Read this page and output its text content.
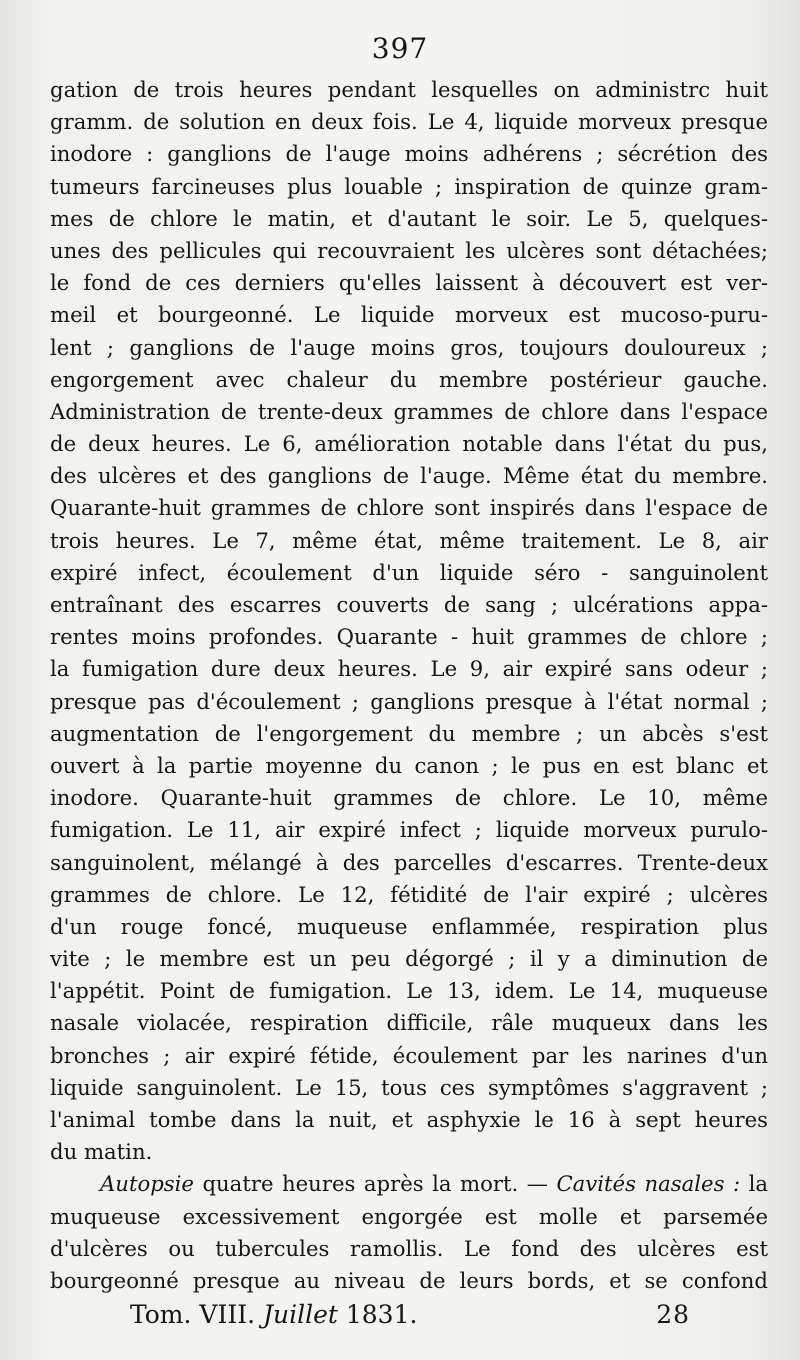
397
gation de trois heures pendant lesquelles on administrc huit
gramm. de solution en deux fois. Le 4, liquide morveux presque
inodore : ganglions de l'auge moins adhérens ; sécrétion des
tumeurs farcineuses plus louable ; inspiration de quinze gram-
mes de chlore le matin, et d'autant le soir. Le 5, quelques-
unes des pellicules qui recouvraient les ulcères sont détachées;
le fond de ces derniers qu'elles laissent à découvert est ver-
meil et bourgeonné. Le liquide morveux est mucoso-puru-
lent ; ganglions de l'auge moins gros, toujours douloureux ;
engorgement avec chaleur du membre postérieur gauche.
Administration de trente-deux grammes de chlore dans l'espace
de deux heures. Le 6, amélioration notable dans l'état du pus,
des ulcères et des ganglions de l'auge. Même état du membre.
Quarante-huit grammes de chlore sont inspirés dans l'espace de
trois heures. Le 7, même état, même traitement. Le 8, air
expiré infect, écoulement d'un liquide séro - sanguinolent
entraînant des escarres couverts de sang ; ulcérations appa-
rentes moins profondes. Quarante - huit grammes de chlore ;
la fumigation dure deux heures. Le 9, air expiré sans odeur ;
presque pas d'écoulement ; ganglions presque à l'état normal ;
augmentation de l'engorgement du membre ; un abcès s'est
ouvert à la partie moyenne du canon ; le pus en est blanc et
inodore. Quarante-huit grammes de chlore. Le 10, même
fumigation. Le 11, air expiré infect ; liquide morveux purulo-
sanguinolent, mélangé à des parcelles d'escarres. Trente-deux
grammes de chlore. Le 12, fétidité de l'air expiré ; ulcères
d'un rouge foncé, muqueuse enflammée, respiration plus
vite ; le membre est un peu dégorgé ; il y a diminution de
l'appétit. Point de fumigation. Le 13, idem. Le 14, muqueuse
nasale violacée, respiration difficile, râle muqueux dans les
bronches ; air expiré fétide, écoulement par les narines d'un
liquide sanguinolent. Le 15, tous ces symptômes s'aggravent ;
l'animal tombe dans la nuit, et asphyxie le 16 à sept heures
du matin.
Autopsie quatre heures après la mort. — Cavités nasales : la
muqueuse excessivement engorgée est molle et parsemée
d'ulcères ou tubercules ramollis. Le fond des ulcères est
bourgeonné presque au niveau de leurs bords, et se confond
Tom. VIII. Juillet 1831.	28
